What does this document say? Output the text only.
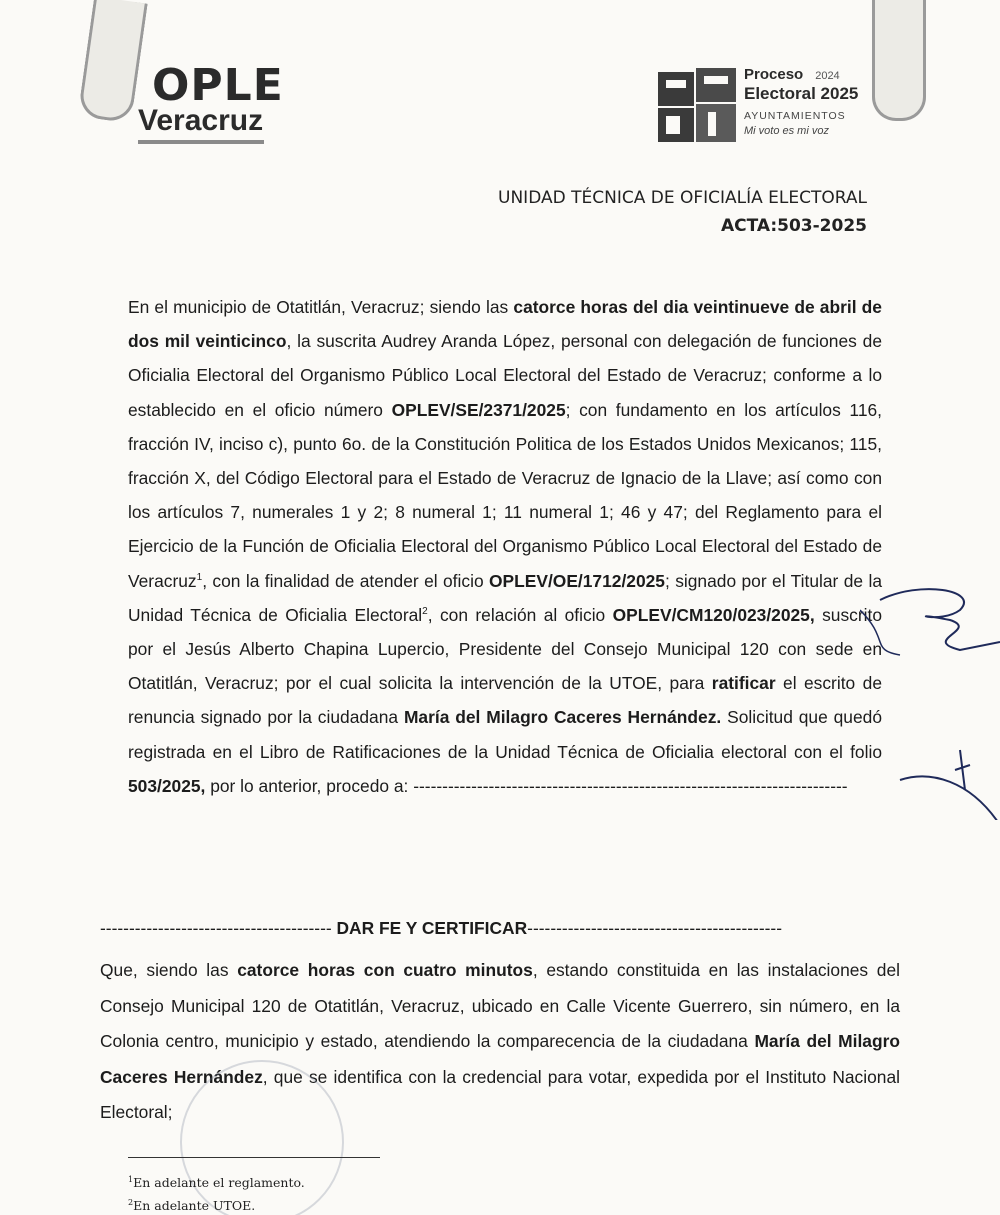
OPLE
Veracruz
Proceso 2024
Electoral 2025
AYUNTAMIENTOS
Mi voto es mi voz
UNIDAD TÉCNICA DE OFICIALÍA ELECTORAL
ACTA:503-2025

En el municipio de Otatitlán, Veracruz; siendo las catorce horas del dia veintinueve de abril de dos mil veinticinco, la suscrita Audrey Aranda López, personal con delegación de funciones de Oficialia Electoral del Organismo Público Local Electoral del Estado de Veracruz; conforme a lo establecido en el oficio número OPLEV/SE/2371/2025; con fundamento en los artículos 116, fracción IV, inciso c), punto 6o. de la Constitución Politica de los Estados Unidos Mexicanos; 115, fracción X, del Código Electoral para el Estado de Veracruz de Ignacio de la Llave; así como con los artículos 7, numerales 1 y 2; 8 numeral 1; 11 numeral 1; 46 y 47; del Reglamento para el Ejercicio de la Función de Oficialia Electoral del Organismo Público Local Electoral del Estado de Veracruz$^1$, con la finalidad de atender el oficio OPLEV/OE/1712/2025; signado por el Titular de la Unidad Técnica de Oficialia Electoral$^2$, con relación al oficio OPLEV/CM120/023/2025, suscrito por el Jesús Alberto Chapina Lupercio, Presidente del Consejo Municipal 120 con sede en Otatitlán, Veracruz; por el cual solicita la intervención de la UTOE, para ratificar el escrito de renuncia signado por la ciudadana María del Milagro Caceres Hernández. Solicitud que quedó registrada en el Libro de Ratificaciones de la Unidad Técnica de Oficialia electoral con el folio 503/2025, por lo anterior, procedo a: ---------------------------------------------------------------------------

---------------------------------------- DAR FE Y CERTIFICAR--------------------------------------------

Que, siendo las catorce horas con cuatro minutos, estando constituida en las instalaciones del Consejo Municipal 120 de Otatitlán, Veracruz, ubicado en Calle Vicente Guerrero, sin número, en la Colonia centro, municipio y estado, atendiendo la comparecencia de la ciudadana María del Milagro Caceres Hernández, que se identifica con la credencial para votar, expedida por el Instituto Nacional Electoral;

$^1$En adelante el reglamento.
$^2$En adelante UTOE.
